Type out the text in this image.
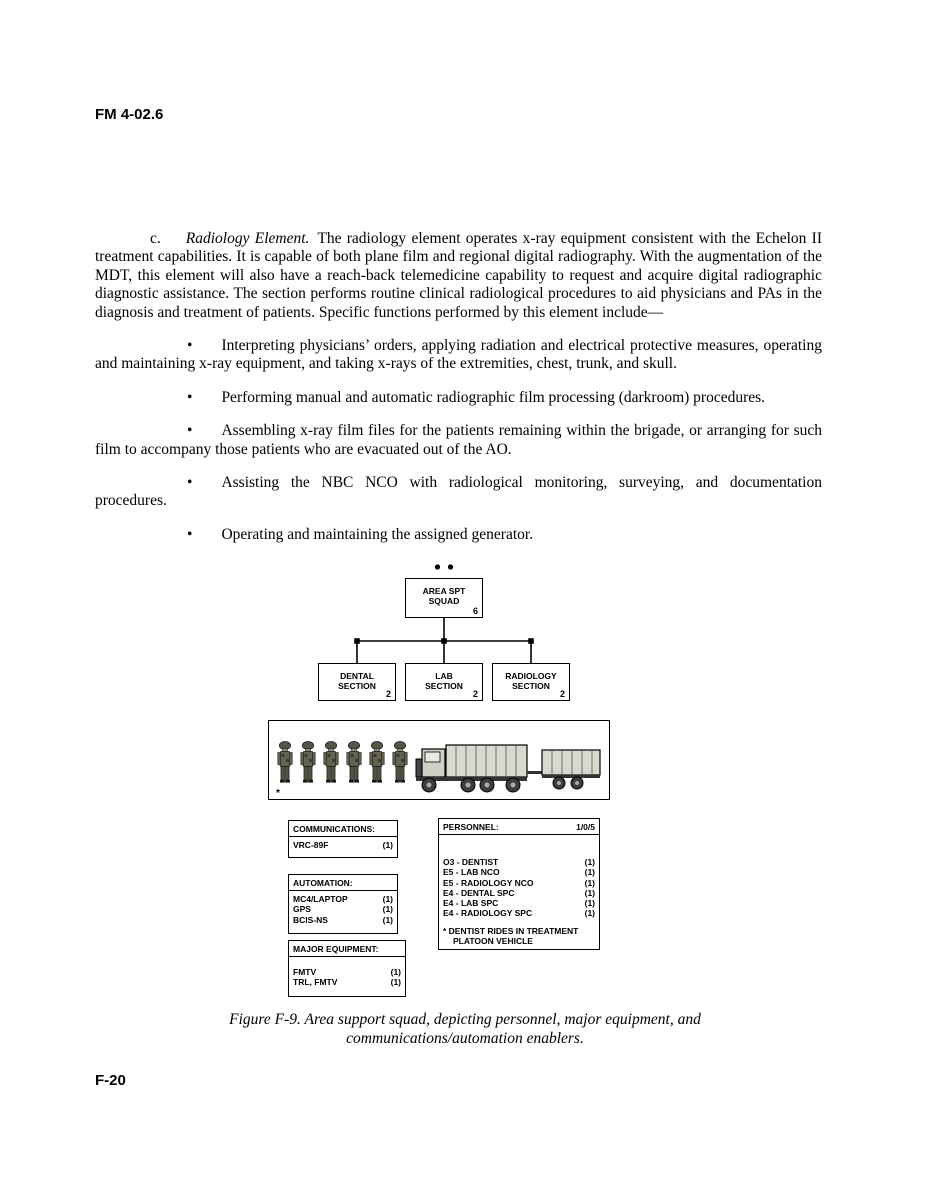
FM 4-02.6

c. Radiology Element. The radiology element operates x-ray equipment consistent with the Echelon II treatment capabilities. It is capable of both plane film and regional digital radiography. With the augmentation of the MDT, this element will also have a reach-back telemedicine capability to request and acquire digital radiographic diagnostic assistance. The section performs routine clinical radiological procedures to aid physicians and PAs in the diagnosis and treatment of patients. Specific functions performed by this element include—

• Interpreting physicians’ orders, applying radiation and electrical protective measures, operating and maintaining x-ray equipment, and taking x-rays of the extremities, chest, trunk, and skull.

• Performing manual and automatic radiographic film processing (darkroom) procedures.

• Assembling x-ray film files for the patients remaining within the brigade, or arranging for such film to accompany those patients who are evacuated out of the AO.

• Assisting the NBC NCO with radiological monitoring, surveying, and documentation procedures.

• Operating and maintaining the assigned generator.

AREA SPT
SQUAD
6
DENTAL
SECTION
2
LAB
SECTION
2
RADIOLOGY
SECTION
2
*
COMMUNICATIONS:
VRC-89F	(1)
AUTOMATION:
MC4/LAPTOP	(1)
GPS	(1)
BCIS-NS	(1)
MAJOR EQUIPMENT:
FMTV	(1)
TRL, FMTV	(1)
PERSONNEL:	1/0/5
O3 - DENTIST	(1)
E5 - LAB NCO	(1)
E5 - RADIOLOGY NCO	(1)
E4 - DENTAL SPC	(1)
E4 - LAB SPC	(1)
E4 - RADIOLOGY SPC	(1)
* DENTIST RIDES IN TREATMENT
PLATOON VEHICLE
Figure F-9. Area support squad, depicting personnel, major equipment, and
communications/automation enablers.
F-20
